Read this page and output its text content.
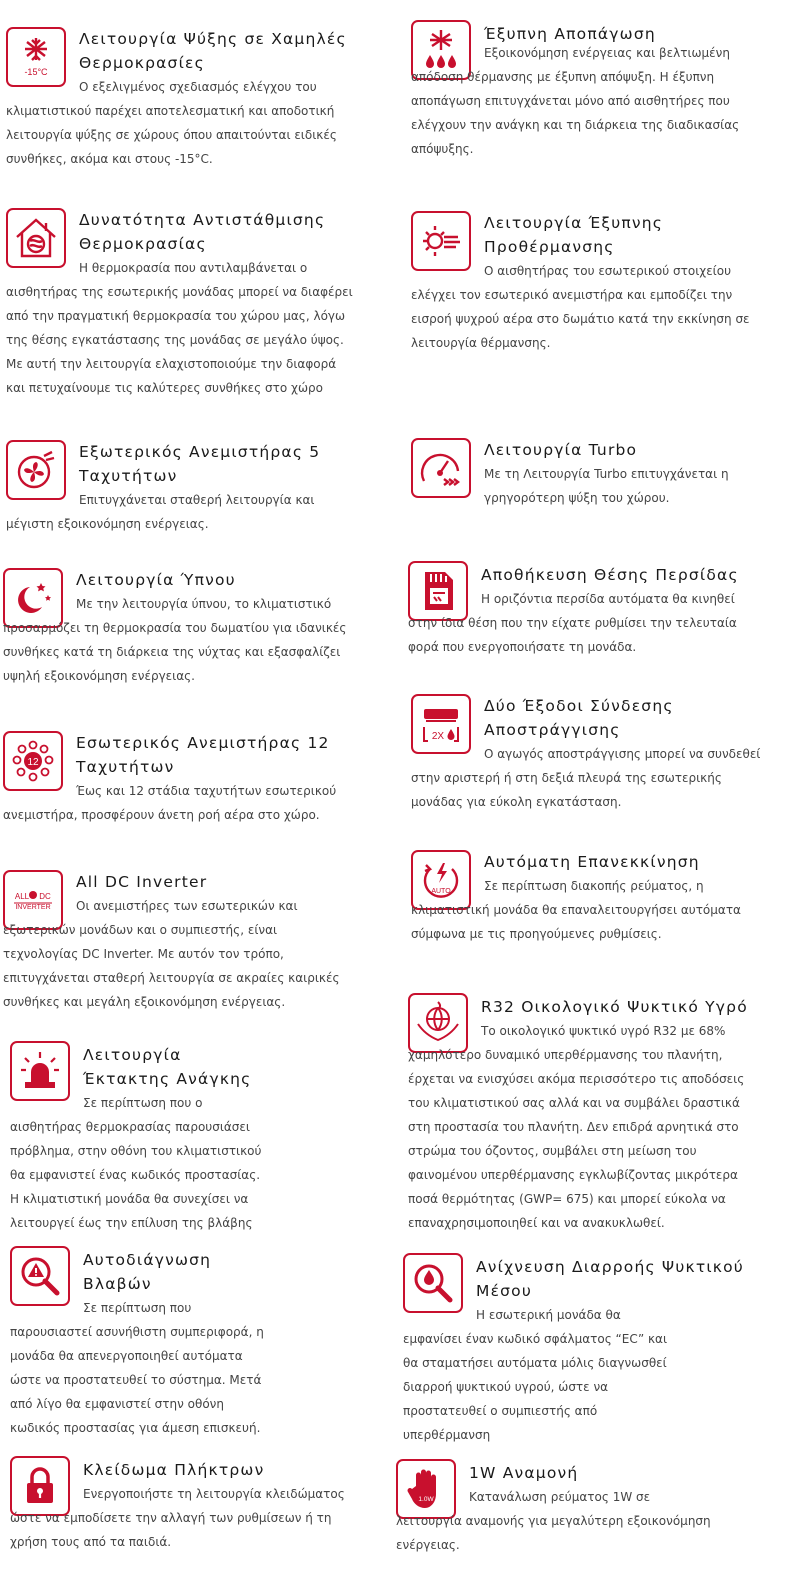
-15°C
Λειτουργία Ψύξης σε Χαμηλές Θερμοκρασίες

Ο εξελιγμένος σχεδιασμός ελέγχου του κλιματιστικού παρέχει αποτελεσματική και αποδοτική λειτουργία ψύξης σε χώρους όπου απαιτούνται ειδικές συνθήκες, ακόμα και στους -15°C.

Έξυπνη Απoπάγωση

Εξοικονόμηση ενέργειας και βελτιωμένη απόδοση θέρμανσης με έξυπνη απόψυξη. Η έξυπνη αποπάγωση επιτυγχάνεται μόνο από αισθητήρες που ελέγχουν την ανάγκη και τη διάρκεια της διαδικασίας απόψυξης.

Δυνατότητα Αντιστάθμισης Θερμοκρασίας

Η θερμοκρασία που αντιλαμβάνεται ο αισθητήρας της εσωτερικής μονάδας μπορεί να διαφέρει από την πραγματική θερμοκρασία του χώρου μας, λόγω της θέσης εγκατάστασης της μονάδας σε μεγάλο ύψος. Με αυτή την λειτουργία ελαχιστοποιούμε την διαφορά και πετυχαίνουμε τις καλύτερες συνθήκες στο χώρο

Λειτουργία Έξυπνης Προθέρμανσης

Ο αισθητήρας του εσωτερικού στοιχείου ελέγχει τον εσωτερικό ανεμιστήρα και εμποδίζει την εισροή ψυχρού αέρα στο δωμάτιο κατά την εκκίνηση σε λειτουργία θέρμανσης.

Εξωτερικός Ανεμιστήρας 5 Ταχυτήτων

Επιτυγχάνεται σταθερή λειτουργία και μέγιστη εξοικονόμηση ενέργειας.

Λειτουργία Turbo

Με τη Λειτουργία Turbo επιτυγχάνεται η γρηγορότερη ψύξη του χώρου.

Λειτουργία Ύπνου

Με την λειτουργία ύπνου, το κλιματιστικό προσαρμόζει τη θερμοκρασία του δωματίου για ιδανικές συνθήκες κατά τη διάρκεια της νύχτας και εξασφαλίζει υψηλή εξοικονόμηση ενέργειας.

Αποθήκευση Θέσης Περσίδας

Η οριζόντια περσίδα αυτόματα θα κινηθεί στην ίδια θέση που την είχατε ρυθμίσει την τελευταία φορά που ενεργοποιήσατε τη μονάδα.

2X
Δύο Έξοδοι Σύνδεσης Αποστράγγισης

Ο αγωγός αποστράγγισης μπορεί να συνδεθεί στην αριστερή ή στη δεξιά πλευρά της εσωτερικής μονάδας για εύκολη εγκατάσταση.

12
Εσωτερικός Ανεμιστήρας 12 Ταχυτήτων

Έως και 12 στάδια ταχυτήτων εσωτερικού ανεμιστήρα, προσφέρουν άνετη ροή αέρα στο χώρο.

AUTO
Αυτόματη Επανεκκίνηση

Σε περίπτωση διακοπής ρεύματος, η κλιματιστική μονάδα θα επαναλειτουργήσει αυτόματα σύμφωνα με τις προηγούμενες ρυθμίσεις.

ALL DC
INVERTER
All DC Inverter

Οι ανεμιστήρες των εσωτερικών και εξωτερικών μονάδων και ο συμπιεστής, είναι τεχνολογίας DC Inverter. Με αυτόν τον τρόπο, επιτυγχάνεται σταθερή λειτουργία σε ακραίες καιρικές συνθήκες και μεγάλη εξοικονόμηση ενέργειας.	R32 Οικολογικό Ψυκτικό Υγρό

Το οικολογικό ψυκτικό υγρό R32 με 68% χαμηλότερο δυναμικό υπερθέρμανσης του πλανήτη, έρχεται να ενισχύσει ακόμα περισσότερο τις αποδόσεις του κλιματιστικού σας αλλά και να συμβάλει δραστικά στη προστασία του πλανήτη. Δεν επιδρά αρνητικά στο στρώμα του όζοντος, συμβάλει στη μείωση του φαινομένου υπερθέρμανσης εγκλωβίζοντας μικρότερα ποσά θερμότητας (GWP= 675) και μπορεί εύκολα να επαναχρησιμοποιηθεί και να ανακυκλωθεί.

Λειτουργία Έκτακτης Ανάγκης

Σε περίπτωση που ο αισθητήρας θερμοκρασίας παρουσιάσει πρόβλημα, στην οθόνη του κλιματιστικού θα εμφανιστεί ένας κωδικός προστασίας. Η κλιματιστική μονάδα θα συνεχίσει να λειτουργεί έως την επίλυση της βλάβης

Αυτοδιάγνωση Βλαβών

Σε περίπτωση που παρουσιαστεί ασυνήθιστη συμπεριφορά, η μονάδα θα απενεργοποιηθεί αυτόματα ώστε να προστατευθεί το σύστημα. Μετά από λίγο θα εμφανιστεί στην οθόνη κωδικός προστασίας για άμεση επισκευή.

Ανίχνευση Διαρροής Ψυκτικού Μέσου

Η εσωτερική μονάδα θα εμφανίσει έναν κωδικό σφάλματος “EC” και θα σταματήσει αυτόματα μόλις διαγνωσθεί διαρροή ψυκτικού υγρού, ώστε να προστατευθεί ο συμπιεστής από υπερθέρμανση

Κλείδωμα Πλήκτρων

Ενεργοποιήστε τη λειτουργία κλειδώματος ώστε να εμποδίσετε την αλλαγή των ρυθμίσεων ή τη χρήση τους από τα παιδιά.

1.0W
1W Αναμονή

Κατανάλωση ρεύματος 1W σε λειτουργία αναμονής για μεγαλύτερη εξοικονόμηση ενέργειας.
